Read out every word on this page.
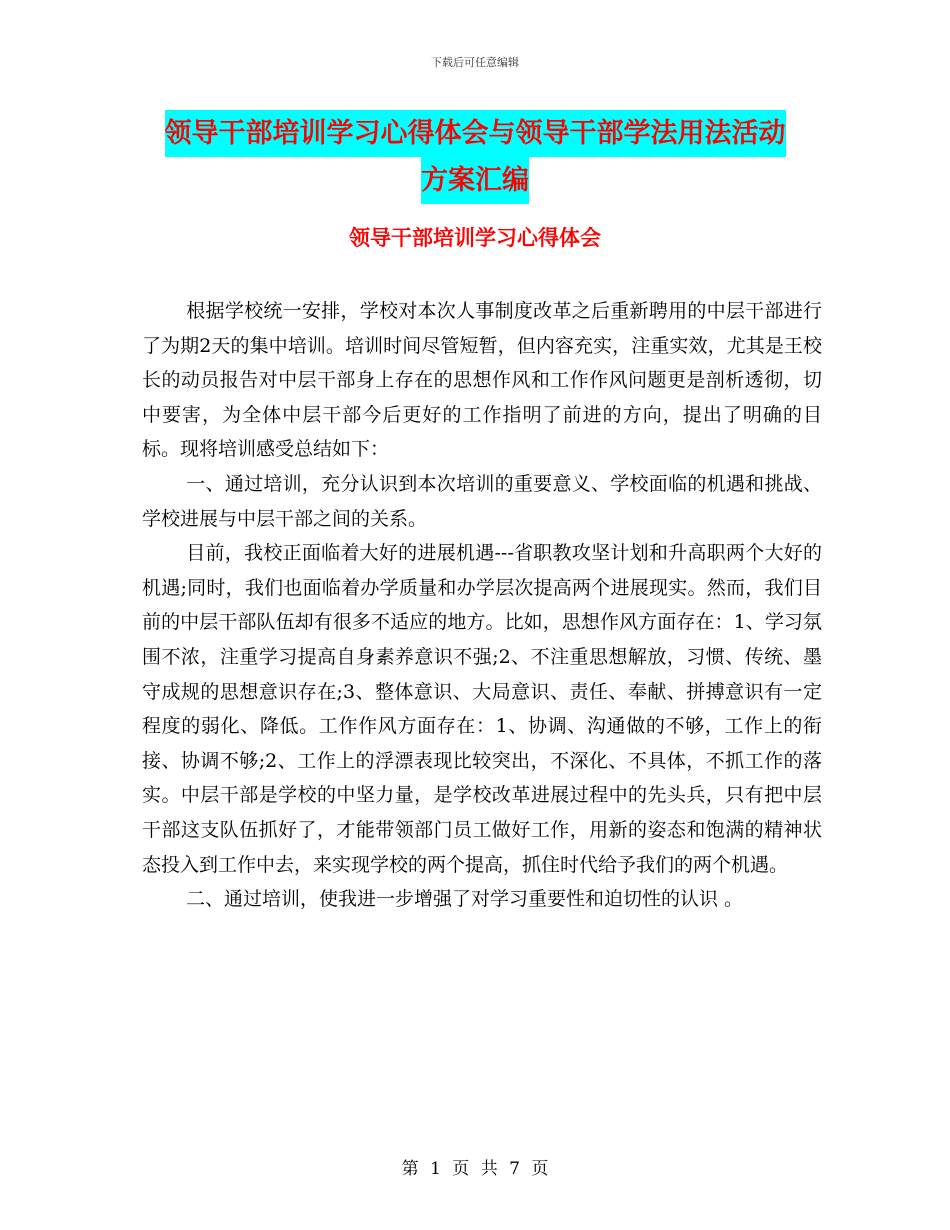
下载后可任意编辑
领导干部培训学习心得体会与领导干部学法用法活动
方案汇编
领导干部培训学习心得体会

根据学校统一安排，学校对本次人事制度改革之后重新聘用的中层干部进行了为期2天的集中培训。培训时间尽管短暂，但内容充实，注重实效，尤其是王校长的动员报告对中层干部身上存在的思想作风和工作作风问题更是剖析透彻，切中要害，为全体中层干部今后更好的工作指明了前进的方向，提出了明确的目标。现将培训感受总结如下：

一、通过培训，充分认识到本次培训的重要意义、学校面临的机遇和挑战、学校进展与中层干部之间的关系。

目前，我校正面临着大好的进展机遇---省职教攻坚计划和升高职两个大好的机遇;同时，我们也面临着办学质量和办学层次提高两个进展现实。然而，我们目前的中层干部队伍却有很多不适应的地方。比如，思想作风方面存在：1、学习氛围不浓，注重学习提高自身素养意识不强;2、不注重思想解放，习惯、传统、墨守成规的思想意识存在;3、整体意识、大局意识、责任、奉献、拼搏意识有一定程度的弱化、降低。工作作风方面存在：1、协调、沟通做的不够，工作上的衔接、协调不够;2、工作上的浮漂表现比较突出，不深化、不具体，不抓工作的落实。中层干部是学校的中坚力量，是学校改革进展过程中的先头兵，只有把中层干部这支队伍抓好了，才能带领部门员工做好工作，用新的姿态和饱满的精神状态投入到工作中去，来实现学校的两个提高，抓住时代给予我们的两个机遇。

二、通过培训，使我进一步增强了对学习重要性和迫切性的认识 。

第 1 页 共 7 页
